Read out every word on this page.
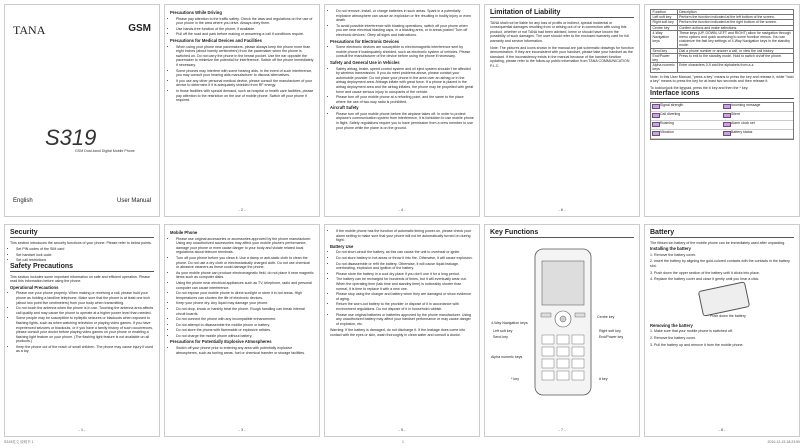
TANA	GSM
S319
GSM Dual-band Digital Mobile Phone
English	User Manual
Precautions While Driving
• Please pay attention to the traffic safety. Check the laws and regulations on the use of your phone in the area where you drive. Always obey them.
• Use hands-free function of the phone, if available.
• Pull off the road and park before making or answering a call if conditions require.
Precautions for Medical Devices and Facilities
• When using your phone near pacemakers, please always keep the phone more than eight inches (about twenty centimeters) from the pacemaker when the phone is switched on. Do not carry the phone in the breast pocket. Use the ear opposite the pacemaker to minimize the potential for interference. Switch off the phone immediately if necessary.
• Some phones may interfere with some hearing aids. In the event of such interference, you may consult your hearing aids manufacturer to discuss alternatives.
• If you use any other personal medical device, please consult the manufacturer of your device to determine if it is adequately shielded from RF energy.
• In those facilities with special demand, such as hospital or health care facilities, please pay attention to the restriction on the use of mobile phone. Switch off your phone if required.
- 2 -
• Do not remove, install, or charge batteries in such areas. Spark in a potentially explosive atmosphere can cause an explosion or fire resulting in bodily injury or even death.
• To avoid possible interference with blasting operations, switch off your phone when you are near electrical blasting caps, in a blasting area, or in areas posted 'Turn off electronic devices.' Obey all signs and instructions.
Precautions for Electronic Devices
• Some electronic devices are susceptible to electromagnetic interference sent by mobile phone if inadequately shielded, such as electronic system of vehicles. Please consult the manufacturer of the device before using the phone if necessary.
Safety and General Use in Vehicles
• Safety airbag, brake, speed control system and oil eject system shouldn't be affected by wireless transmission. If you do meet problems above, please contact your automobile provider. Do not place your phone in the area over an airbag or in the airbag deployment area. Airbags inflate with great force. If a phone is placed in the airbag deployment area and the airbag inflates, the phone may be propelled with great force and cause serious injury to occupants of the vehicle.
• Please turn off your mobile phone at a refueling point, and the same to the place where the use of two-way radio is prohibited.
Aircraft Safety
• Please turn off your mobile phone before the airplane takes off. In order to protect airplane's communication system from interference, it is forbidden to use mobile phone in flight. Safety regulations require you to have permission from a crew member to use your phone while the plane is on the ground.
- 4 -
Limitation of Liability

TANA shall not be liable for any loss of profits or indirect, special incidental or consequential damages resulting from or arising out of or in connection with using this product, whether or not TANA had been advised, knew or should have known the possibility of such damages. The user should refer to the enclosed warranty card for full warranty and service information.

Note: The pictures and icons shown in the manual are just schematic drawings for function demonstration. If they are inconsistent with your handset, please take your handset as the standard. If the inconsistency exists in the manual because of the handset function updating, please refer to the follow-up public information from TANA COMMUNICATION P.L.C.

- 6 -
Function	Description
Left soft key	Perform the function indicated at the left bottom of the screen.
Right soft key	Perform the function indicated at the right bottom of the screen.
Centre key	Confirm actions and make selections.
4-Way Navigation keys	These keys (UP, DOWN, LEFT and RIGHT) allow for navigation through menu options and quick accessing to some function menus. You can customize the fast key settings of 4-Way Navigation keys in the standby mode.
Send key	Dial a phone number or answer a call, or view the call history.
End/Power key	Press to exit to the standby mode. Hold to switch on/off the phone.
Alpha numeric keys	Enter characters 0-9 and the alphabets from a-z.

Note: In this User Manual, "press a key" means to press the key and release it, while "hold a key" means to press the key for at least two seconds and then release it.

To lock/unlock the keypad, press the # key and then the * key.

Interface icons
Signal strength	Incoming message
Call diverting	Silent
Roaming	Alarm clock set
Vibration	Battery status
Security

This section introduces the security functions of your phone. Please refer to below points.

• Set PIN codes of the SIM card
• Set handset lock code.
• Set call restrictions
Safety Precautions

This section includes some important information on safe and efficient operation. Please read this information before using the phone.

Operational Precautions
• Please use your phone properly. When making or receiving a call, please hold your phone as holding a landline telephone. Make sure that the phone is at least one inch (about two point five centimeters) from your body when transmitting.
• Do not touch the antenna when the phone is in use. Touching the antenna area affects call quality and may cause the phone to operate at a higher power level than needed.
• Some people may be susceptible to epileptic seizures or blackouts when exposed to flashing lights, such as when watching television or playing video games. If you have experienced seizures or blackouts, or if you have a family history of such occurrences, please consult your doctor before playing video games on your phone or enabling a flashing light feature on your phone. (The flashing light feature is not available on all products.)
• Keep the phone out of the reach of small children. The phone may cause injury if used as a toy.
- 1 -
Mobile Phone
• Please use original accessories or accessories approved by the phone manufacturer. Using any unauthorized accessories may affect your mobile phone's performance, damage your phone or even cause danger to your body and violate related local regulations about telecom terminals.
• Turn off your phone before you clean it. Use a damp or anti-static cloth to clean the phone. Do not use a dry cloth or electrostatically charged cloth. Do not use chemical or abrasive cleaners as these could damage the phone.
• As your mobile phone can produce electromagnetic field, do not place it near magnetic items such as computer disks.
• Using the phone near electrical appliances such as TV, telephone, radio and personal computer can cause interference.
• Do not expose your mobile phone to direct sunlight or store it in hot areas. High temperatures can shorten the life of electronic devices.
• Keep your phone dry. Any liquid may damage your phone.
• Do not drop, knock or harshly treat the phone. Rough handling can break internal circuit boards.
• Do not connect the phone with any incompatible enhancement.
• Do not attempt to disassemble the mobile phone or battery.
• Do not store the phone with flammable or explosive articles.
• Do not charge the mobile phone without battery.
Precautions for Potentially Explosive Atmospheres
• Switch off your phone prior to entering any area with potentially explosive atmospheres, such as fueling areas, fuel or chemical transfer or storage facilities.
- 3 -
• If the mobile phone has the function of automatic timing power-on, please check your alarm setting to make sure that your phone will not be automatically turned on during flight.
Battery Use
• Do not short-circuit the battery, as this can cause the unit to overheat or ignite.
• Do not store battery in hot areas or throw it into fire. Otherwise, it will cause explosion.
• Do not disassemble or refit the battery. Otherwise, it will cause liquid leakage, overheating, explosion and ignition of the battery.
• Please store the battery in a cool dry place if you don't use it for a long period.
• The battery can be recharged for hundreds of times, but it will eventually wear out. When the operating time (talk time and standby time) is noticeably shorter than normal, it is time to replace it with a new one.
• Please stop using the charger and battery when they are damaged or show evidence of aging.
• Return the worn-out battery to the provider or dispose of it in accordance with environment regulations. Do not dispose of it in household rubbish.
• Please use original batteries or batteries approved by the phone manufacturer. Using any unauthorized battery may affect your handset performance or may cause danger of explosion, etc.

Warning: If the battery is damaged, do not discharge it. If the leakage does come into contact with the eyes or skin, wash thoroughly in clean water and consult a doctor.

- 5 -
Key Functions
Centre key
4-Way Navigation keys
Left soft key
Send key
Right soft key
End/Power key
Alpha numeric keys
* key	# key
- 7 -
Battery

The lithium ion battery of the mobile phone can be immediately used after unpacking.

Installing the battery

1. Remove the battery cover.

2. Insert the battery by aligning the gold-colored contacts with the contacts in the battery slot.

3. Push down the upper section of the battery until it clicks into place.

4. Replace the battery cover and close it gently until you hear a click.

Push down the battery
Removing the battery

1. Make sure that your mobile phone is switched off.

2. Remove the battery cover.

3. Pull the battery up and remove it from the mobile phone.

- 8 -
S319英文 说明书 1	1	2010-12-15 18:23:50
